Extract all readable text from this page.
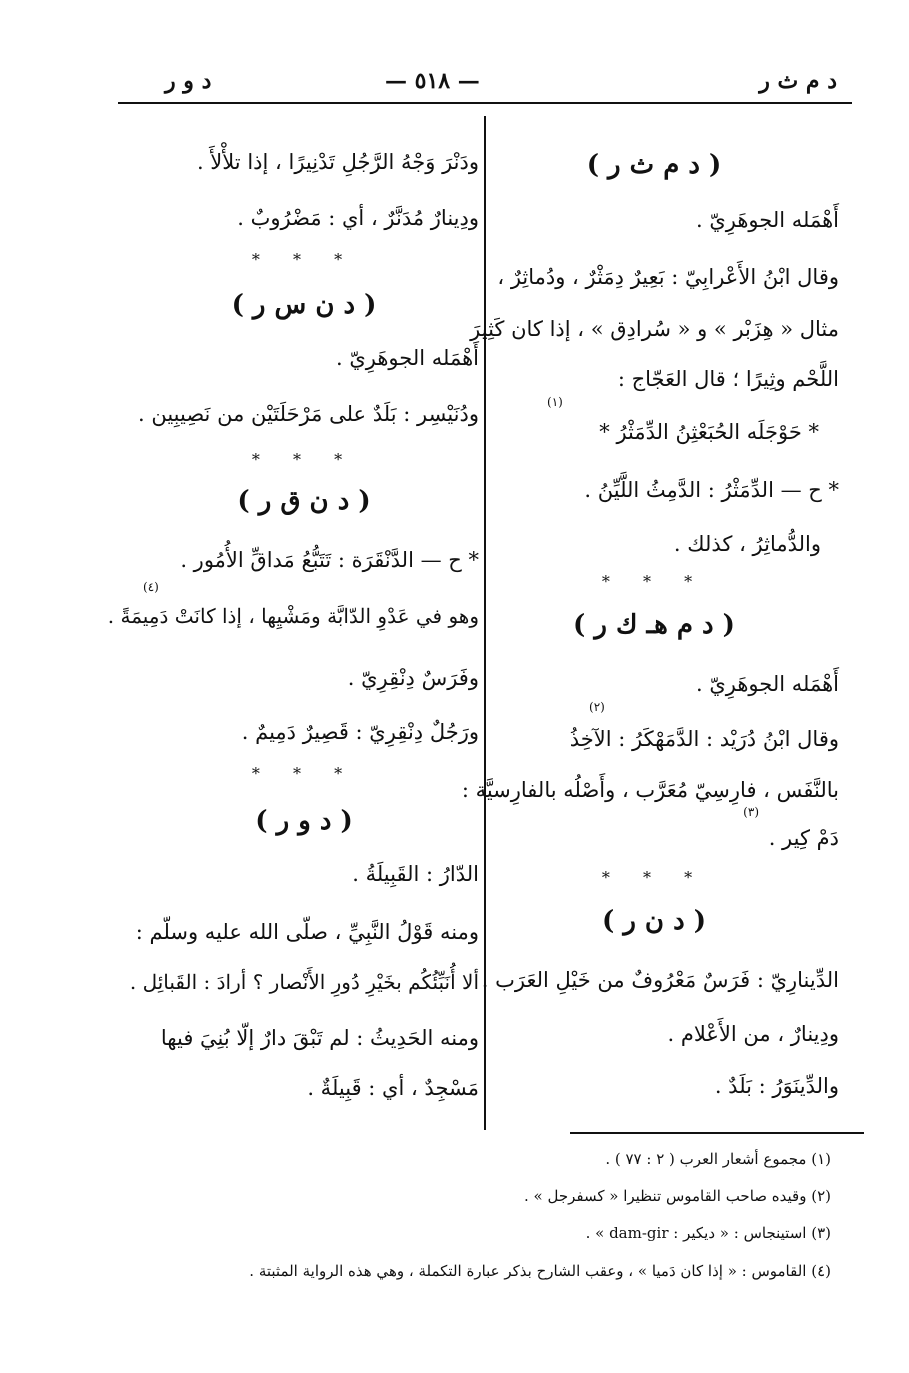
د م ث ر
— ٥١٨ —
د و ر
( د م ث ر )
أَهْمَله الجوهَرِيّ .
وقال ابْنُ الأَعْرابِيّ : بَعِيرٌ دِمَثْرٌ ، ودُماثِرٌ ،
مثال « هِزَبْر » و « سُرادِق » ، إذا كان كَثِيرَ
اللَّحْم وثِيرًا ؛ قال العَجّاج :
(١)
* حَوْجَلَه الحُبَعْثِنُ الدِّمَثْرُ *
* ح — الدِّمَثْرُ : الدَّمِثُ اللَّيِّنُ .
والدُّماثِرُ ، كذلك .
* * *
( د م هـ ك ر )
أَهْمَله الجوهَرِيّ .
(٢)
وقال ابْنُ دُرَيْد : الدَّمَهْكَرُ : الآخِذُ
بالنَّفَس ، فارِسِيّ مُعَرَّب ، وأَصْلُه بالفارِسيَّة :
(٣)
دَمْ كِير .
* * *
( د ن ر )
الدِّينارِيّ : فَرَسٌ مَعْرُوفٌ من خَيْلِ العَرَب .
ودِينارٌ ، من الأَعْلام .
والدِّينَوَرُ : بَلَدٌ .
ودَنْرَ وَجْهُ الرَّجُلِ تَدْنِيرًا ، إذا تلأْلأَ .
ودِينارٌ مُدَنَّرٌ ، أي : مَضْرُوبٌ .
* * *
( د ن س ر )
أَهْمَله الجوهَرِيّ .
ودُنَيْسِر : بَلَدٌ على مَرْحَلَتَيْن من نَصِيبِين .
* * *
( د ن ق ر )
* ح — الدَّنْقَرَة : تَتَبُّعُ مَداقِّ الأُمُور .
(٤)
وهو في عَدْوِ الدّابَّة ومَشْيِها ، إذا كانَتْ دَمِيمَةً .
وفَرَسٌ دِنْقِرِيّ .
ورَجُلٌ دِنْقِرِيّ : قَصِيرٌ دَمِيمٌ .
* * *
( د و ر )
الدّارُ : القَبِيلَةُ .
ومنه قَوْلُ النَّبِيِّ ، صلّى الله عليه وسلّم :
ألا أُنَبِّئُكُم بخَيْرِ دُورِ الأَنْصار ؟ أرادَ : القَبائِل .
ومنه الحَدِيثُ : لم تَبْقَ دارٌ إلّا بُنِيَ فيها
مَسْجِدٌ ، أي : قَبِيلَةٌ .
(١) مجموع أشعار العرب ( ٢ : ٧٧ ) .
(٢) وقيده صاحب القاموس تنظيرا « كسفرجل » .
(٣) استينجاس : « ديكير : dam-gir » .
(٤) القاموس : « إذا كان دَميا » ، وعقب الشارح بذكر عبارة التكملة ، وهي هذه الرواية المثبتة .
